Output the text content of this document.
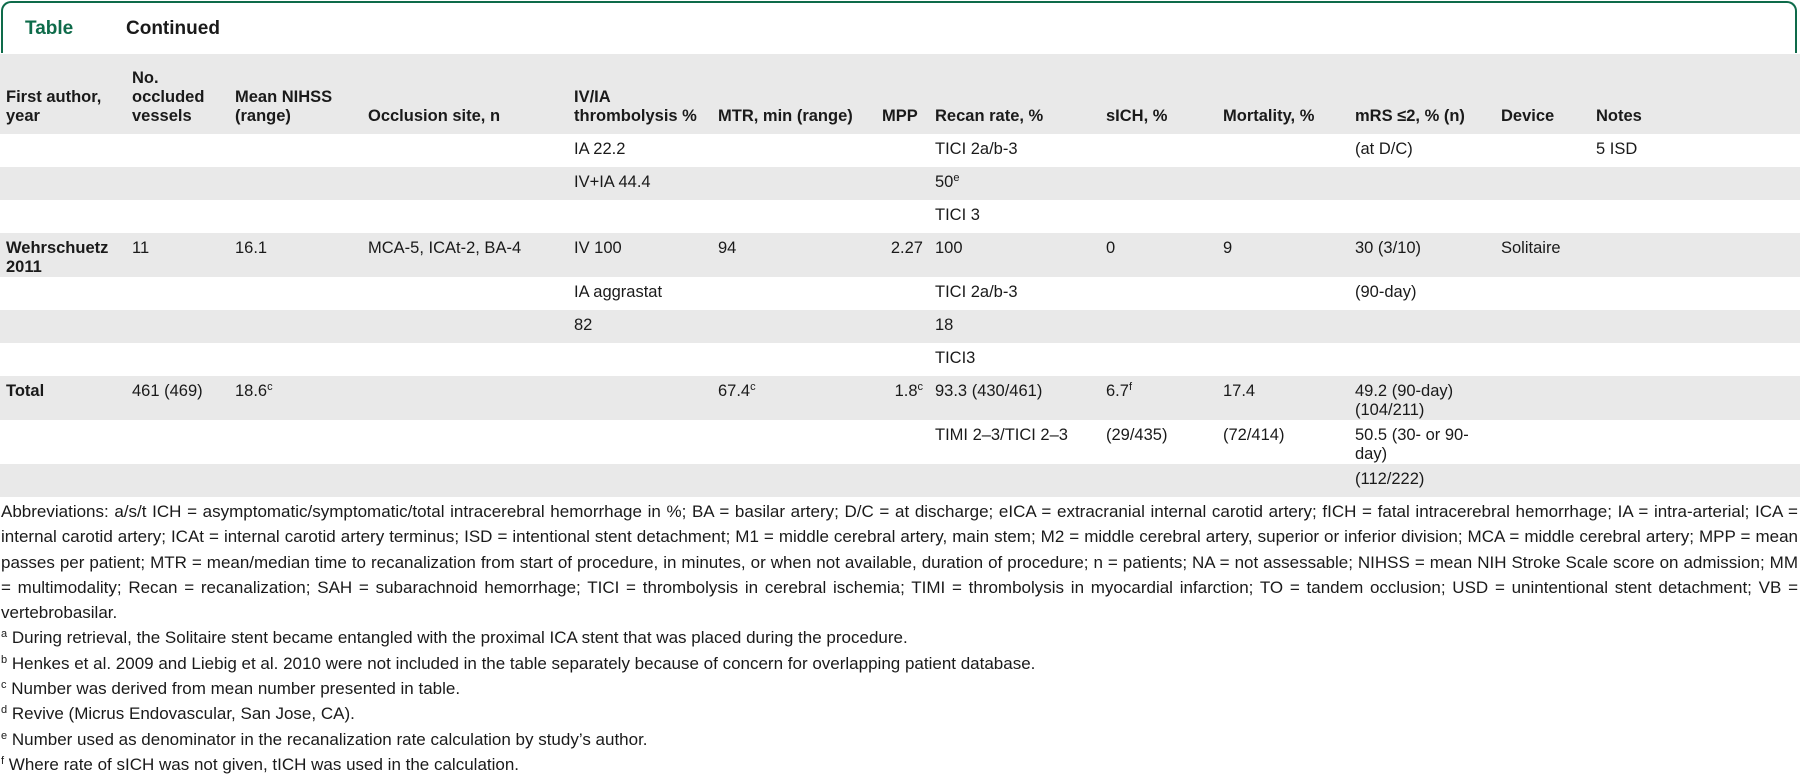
Table	Continued
First author, year	No. occluded vessels	Mean NIHSS (range)	Occlusion site, n	IV/IA thrombolysis %	MTR, min (range)	MPP	Recan rate, %	sICH, %	Mortality, %	mRS ≤2, % (n)	Device	Notes
				IA 22.2			TICI 2a/b-3			(at D/C)		5 ISD
				IV+IA 44.4			50e					
							TICI 3					
Wehrschuetz 2011	11	16.1	MCA-5, ICAt-2, BA-4	IV 100	94	2.27	100	0	9	30 (3/10)	Solitaire	
				IA aggrastat			TICI 2a/b-3			(90-day)		
				82			18					
							TICI3					
Total	461 (469)	18.6$^c$			67.4$^c$	1.8$^c$	93.3 (430/461)	6.7$^f$	17.4	49.2 (90-day) (104/211)		
							TIMI 2–3/TICI 2–3	(29/435)	(72/414)	50.5 (30- or 90-day)		
										(112/222)		
Abbreviations: a/s/t ICH = asymptomatic/symptomatic/total intracerebral hemorrhage in %; BA = basilar artery; D/C = at discharge; eICA = extracranial internal carotid artery; fICH = fatal intracerebral hemorrhage; IA = intra-arterial; ICA = internal carotid artery; ICAt = internal carotid artery terminus; ISD = intentional stent detachment; M1 = middle cerebral artery, main stem; M2 = middle cerebral artery, superior or inferior division; MCA = middle cerebral artery; MPP = mean passes per patient; MTR = mean/median time to recanalization from start of procedure, in minutes, or when not available, duration of procedure; n = patients; NA = not assessable; NIHSS = mean NIH Stroke Scale score on admission; MM = multimodality; Recan = recanalization; SAH = subarachnoid hemorrhage; TICI = thrombolysis in cerebral ischemia; TIMI = thrombolysis in myocardial infarction; TO = tandem occlusion; USD = unintentional stent detachment; VB = vertebrobasilar.
$^a$ During retrieval, the Solitaire stent became entangled with the proximal ICA stent that was placed during the procedure.
$^b$ Henkes et al. 2009 and Liebig et al. 2010 were not included in the table separately because of concern for overlapping patient database.
$^c$ Number was derived from mean number presented in table.
$^d$ Revive (Micrus Endovascular, San Jose, CA).
$^e$ Number used as denominator in the recanalization rate calculation by study’s author.
$^f$ Where rate of sICH was not given, tICH was used in the calculation.
